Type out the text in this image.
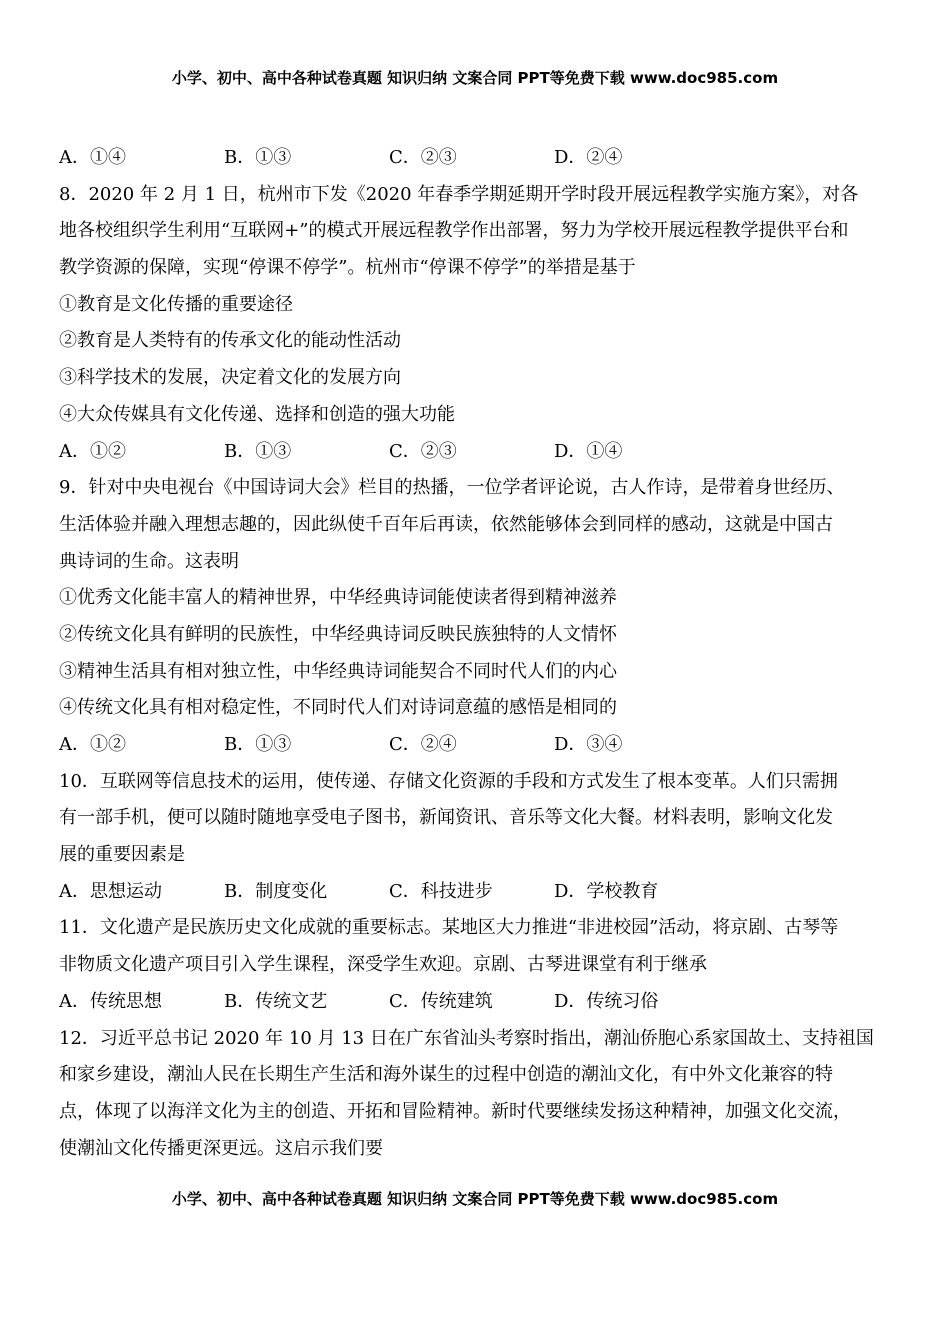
小学、初中、高中各种试卷真题 知识归纳 文案合同 PPT等免费下载 www.doc985.com
A．①④	B．①③	C．②③	D．②④
8．2020 年 2 月 1 日，杭州市下发《2020 年春季学期延期开学时段开展远程教学实施方案》，对各
地各校组织学生利用“互联网+”的模式开展远程教学作出部署，努力为学校开展远程教学提供平台和
教学资源的保障，实现“停课不停学”。杭州市“停课不停学”的举措是基于
①教育是文化传播的重要途径
②教育是人类特有的传承文化的能动性活动
③科学技术的发展，决定着文化的发展方向
④大众传媒具有文化传递、选择和创造的强大功能
A．①②	B．①③	C．②③	D．①④
9．针对中央电视台《中国诗词大会》栏目的热播，一位学者评论说，古人作诗，是带着身世经历、
生活体验并融入理想志趣的，因此纵使千百年后再读，依然能够体会到同样的感动，这就是中国古
典诗词的生命。这表明
①优秀文化能丰富人的精神世界，中华经典诗词能使读者得到精神滋养
②传统文化具有鲜明的民族性，中华经典诗词反映民族独特的人文情怀
③精神生活具有相对独立性，中华经典诗词能契合不同时代人们的内心
④传统文化具有相对稳定性，不同时代人们对诗词意蕴的感悟是相同的
A．①②	B．①③	C．②④	D．③④
10．互联网等信息技术的运用，使传递、存储文化资源的手段和方式发生了根本变革。人们只需拥
有一部手机，便可以随时随地享受电子图书，新闻资讯、音乐等文化大餐。材料表明，影响文化发
展的重要因素是
A．思想运动	B．制度变化	C．科技进步	D．学校教育
11．文化遗产是民族历史文化成就的重要标志。某地区大力推进“非进校园”活动，将京剧、古琴等
非物质文化遗产项目引入学生课程，深受学生欢迎。京剧、古琴进课堂有利于继承
A．传统思想	B．传统文艺	C．传统建筑	D．传统习俗
12．习近平总书记 2020 年 10 月 13 日在广东省汕头考察时指出，潮汕侨胞心系家国故土、支持祖国
和家乡建设，潮汕人民在长期生产生活和海外谋生的过程中创造的潮汕文化，有中外文化兼容的特
点，体现了以海洋文化为主的创造、开拓和冒险精神。新时代要继续发扬这种精神，加强文化交流，
使潮汕文化传播更深更远。这启示我们要
小学、初中、高中各种试卷真题 知识归纳 文案合同 PPT等免费下载 www.doc985.com
